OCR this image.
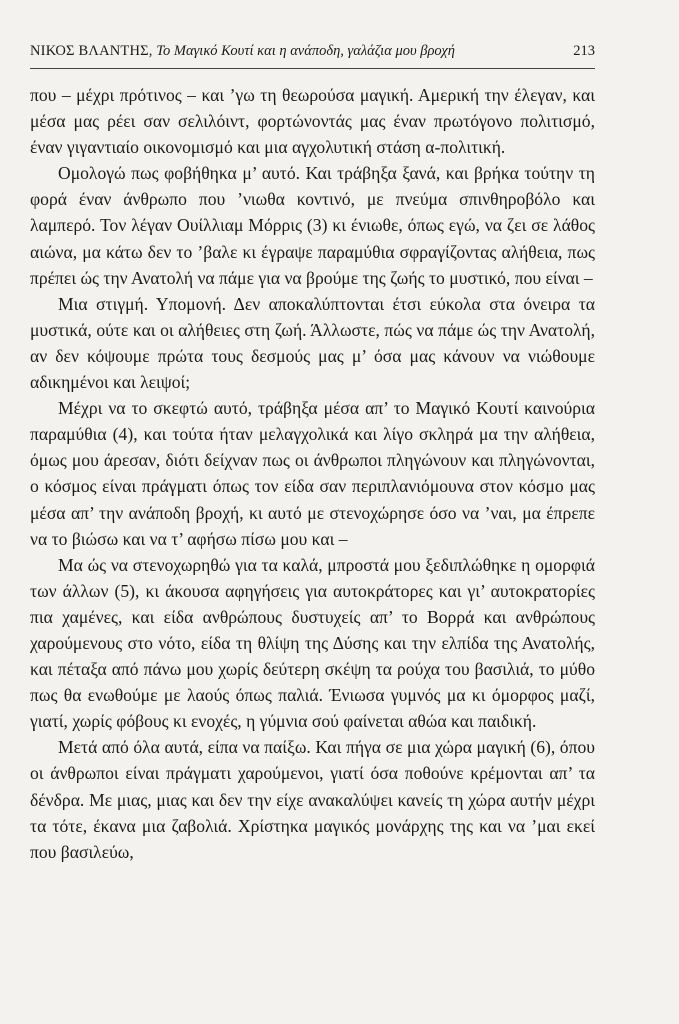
ΝΙΚΟΣ ΒΛΑΝΤΗΣ, Το Μαγικό Κουτί και η ανάποδη, γαλάζια μου βροχή	213

που – μέχρι πρότινος – και ’γω τη θεωρούσα μαγική. Αμερική την έλεγαν, και μέσα μας ρέει σαν σελιλόιντ, φορτώνοντάς μας έναν πρωτόγονο πολιτισμό, έναν γιγαντιαίο οικονομισμό και μια αγχολυτική στάση α-πολιτική.

Ομολογώ πως φοβήθηκα μ’ αυτό. Και τράβηξα ξανά, και βρήκα τούτην τη φορά έναν άνθρωπο που ’νιωθα κοντινό, με πνεύμα σπινθηροβόλο και λαμπερό. Τον λέγαν Ουίλλιαμ Μόρρις (3) κι ένιωθε, όπως εγώ, να ζει σε λάθος αιώνα, μα κάτω δεν το ’βαλε κι έγραψε παραμύθια σφραγίζοντας αλήθεια, πως πρέπει ώς την Ανατολή να πάμε για να βρούμε της ζωής το μυστικό, που είναι –

Μια στιγμή. Υπομονή. Δεν αποκαλύπτονται έτσι εύκολα στα όνειρα τα μυστικά, ούτε και οι αλήθειες στη ζωή. Άλλωστε, πώς να πάμε ώς την Ανατολή, αν δεν κόψουμε πρώτα τους δεσμούς μας μ’ όσα μας κάνουν να νιώθουμε αδικημένοι και λειψοί;

Μέχρι να το σκεφτώ αυτό, τράβηξα μέσα απ’ το Μαγικό Κουτί καινούρια παραμύθια (4), και τούτα ήταν μελαγχολικά και λίγο σκληρά μα την αλήθεια, όμως μου άρεσαν, διότι δείχναν πως οι άνθρωποι πληγώνουν και πληγώνονται, ο κόσμος είναι πράγματι όπως τον είδα σαν περιπλανιόμουνα στον κόσμο μας μέσα απ’ την ανάποδη βροχή, κι αυτό με στενοχώρησε όσο να ’ναι, μα έπρεπε να το βιώσω και να τ’ αφήσω πίσω μου και –

Μα ώς να στενοχωρηθώ για τα καλά, μπροστά μου ξεδιπλώθηκε η ομορφιά των άλλων (5), κι άκουσα αφηγήσεις για αυτοκράτορες και γι’ αυτοκρατορίες πια χαμένες, και είδα ανθρώπους δυστυχείς απ’ το Βορρά και ανθρώπους χαρούμενους στο νότο, είδα τη θλίψη της Δύσης και την ελπίδα της Ανατολής, και πέταξα από πάνω μου χωρίς δεύτερη σκέψη τα ρούχα του βασιλιά, το μύθο πως θα ενωθούμε με λαούς όπως παλιά. Ένιωσα γυμνός μα κι όμορφος μαζί, γιατί, χωρίς φόβους κι ενοχές, η γύμνια σού φαίνεται αθώα και παιδική.

Μετά από όλα αυτά, είπα να παίξω. Και πήγα σε μια χώρα μαγική (6), όπου οι άνθρωποι είναι πράγματι χαρούμενοι, γιατί όσα ποθούνε κρέμονται απ’ τα δένδρα. Με μιας, μιας και δεν την είχε ανακαλύψει κανείς τη χώρα αυτήν μέχρι τα τότε, έκανα μια ζαβολιά. Χρίστηκα μαγικός μονάρχης της και να ’μαι εκεί που βασιλεύω,
